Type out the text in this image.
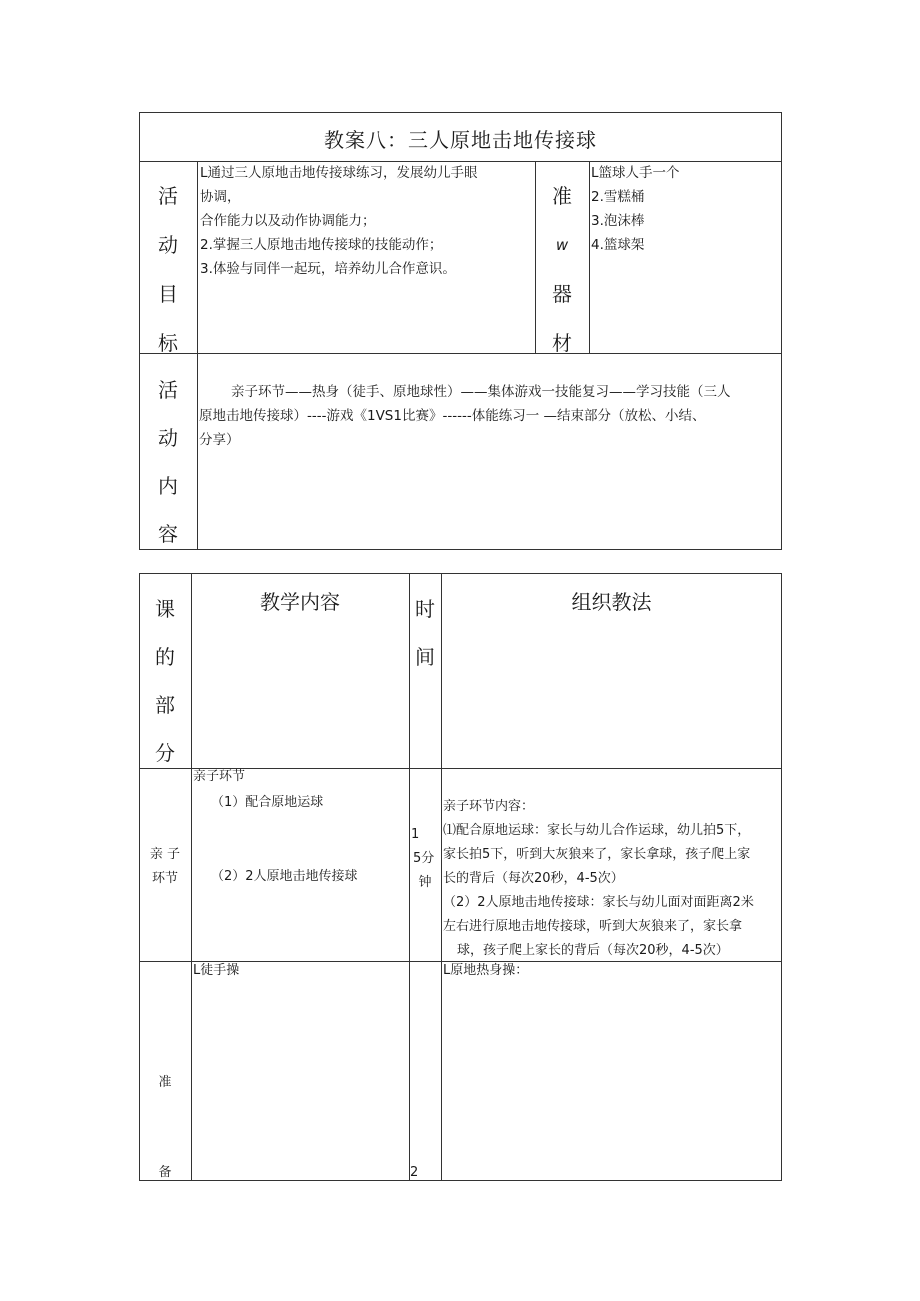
教案八：三人原地击地传接球
活
动
目
标
L通过三人原地击地传接球练习，发展幼儿手眼
协调，
合作能力以及动作协调能力；
2.掌握三人原地击地传接球的技能动作；
3.体验与同伴一起玩，培养幼儿合作意识。
准
w
器
材
L篮球人手一个
2.雪糕桶
3.泡沫棒
4.篮球架
活
动
内
容
亲子环节——热身（徒手、原地球性）——集体游戏一技能复习——学习技能（三人
原地击地传接球）----游戏《1VS1比赛》------体能练习一 —结束部分（放松、小结、
分享）
课
的
部
分
教学内容	时
间
组织教法
亲 子
环节
亲子环节
（1）配合原地运球
（2）2人原地击地传接球
1
5分
钟
亲子环节内容：
⑴配合原地运球：家长与幼儿合作运球，幼儿拍5下，
家长拍5下，听到大灰狼来了，家长拿球，孩子爬上家
长的背后（每次20秒，4-5次）
（2）2人原地击地传接球：家长与幼儿面对面距离2米
左右进行原地击地传接球，听到大灰狼来了，家长拿
球，孩子爬上家长的背后（每次20秒，4-5次）
准
备
L徒手操
2
L原地热身操：
